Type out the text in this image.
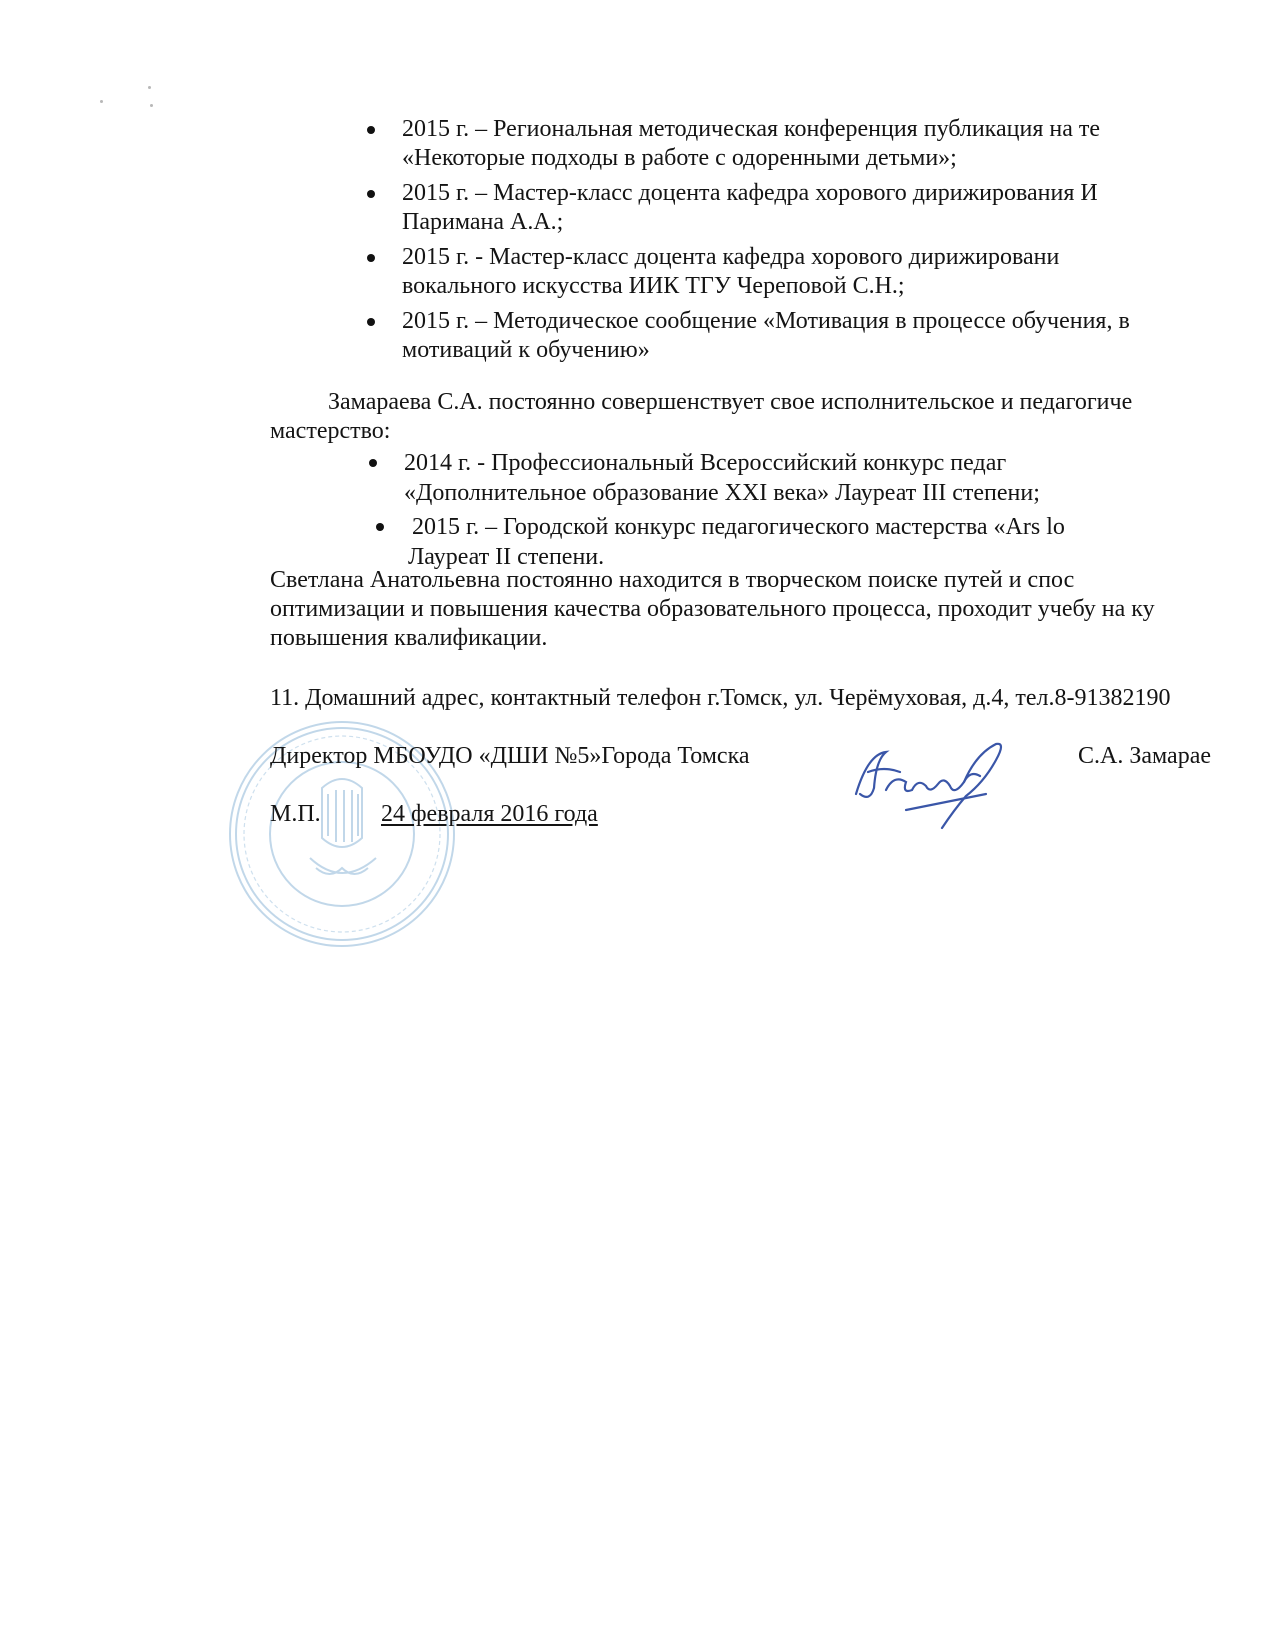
2015 г. – Региональная методическая конференция публикация на те
«Некоторые подходы в работе с одоренными детьми»;
2015 г. – Мастер-класс доцента кафедра хорового дирижирования И
Паримана А.А.;
2015 г. - Мастер-класс доцента кафедра хорового дирижировани
вокального искусства ИИК ТГУ Череповой С.Н.;
2015 г. – Методическое сообщение «Мотивация в процессе обучения, в
мотиваций к обучению»
Замараева С.А. постоянно совершенствует свое исполнительское и педагогиче
мастерство:
2014 г. - Профессиональный Всероссийский конкурс педаг
«Дополнительное образование XXI века» Лауреат III степени;
2015 г. – Городской конкурс педагогического мастерства «Ars lo
Лауреат II степени.
Светлана Анатольевна постоянно находится в творческом поиске путей и спос
оптимизации и повышения качества образовательного процесса, проходит учебу на ку
повышения квалификации.
11. Домашний адрес, контактный телефон г.Томск, ул. Черёмуховая, д.4, тел.8-91382190
Директор МБОУДО «ДШИ №5»Города Томска	С.А. Замарае
М.П.	24 февраля 2016 года
